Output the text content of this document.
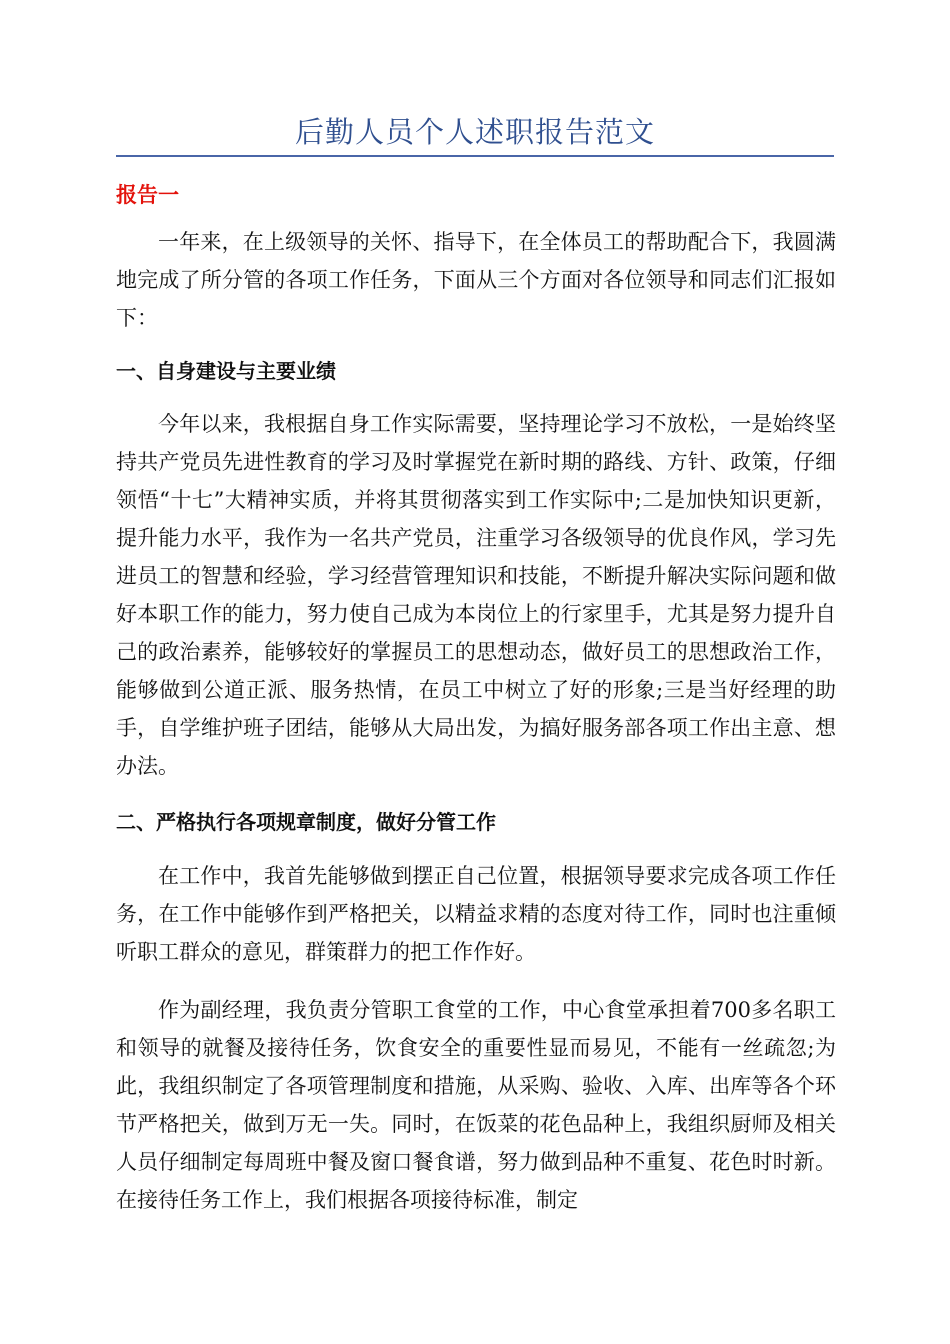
后勤人员个人述职报告范文
报告一

一年来，在上级领导的关怀、指导下，在全体员工的帮助配合下，我圆满地完成了所分管的各项工作任务，下面从三个方面对各位领导和同志们汇报如下：

一、自身建设与主要业绩

今年以来，我根据自身工作实际需要，坚持理论学习不放松，一是始终坚持共产党员先进性教育的学习及时掌握党在新时期的路线、方针、政策，仔细领悟“十七”大精神实质，并将其贯彻落实到工作实际中;二是加快知识更新，提升能力水平，我作为一名共产党员，注重学习各级领导的优良作风，学习先进员工的智慧和经验，学习经营管理知识和技能，不断提升解决实际问题和做好本职工作的能力，努力使自己成为本岗位上的行家里手，尤其是努力提升自己的政治素养，能够较好的掌握员工的思想动态，做好员工的思想政治工作，能够做到公道正派、服务热情，在员工中树立了好的形象;三是当好经理的助手，自学维护班子团结，能够从大局出发，为搞好服务部各项工作出主意、想办法。

二、严格执行各项规章制度，做好分管工作

在工作中，我首先能够做到摆正自己位置，根据领导要求完成各项工作任务，在工作中能够作到严格把关，以精益求精的态度对待工作，同时也注重倾听职工群众的意见，群策群力的把工作作好。

作为副经理，我负责分管职工食堂的工作，中心食堂承担着700多名职工和领导的就餐及接待任务，饮食安全的重要性显而易见，不能有一丝疏忽;为此，我组织制定了各项管理制度和措施，从采购、验收、入库、出库等各个环节严格把关，做到万无一失。同时，在饭菜的花色品种上，我组织厨师及相关人员仔细制定每周班中餐及窗口餐食谱，努力做到品种不重复、花色时时新。在接待任务工作上，我们根据各项接待标准，制定
